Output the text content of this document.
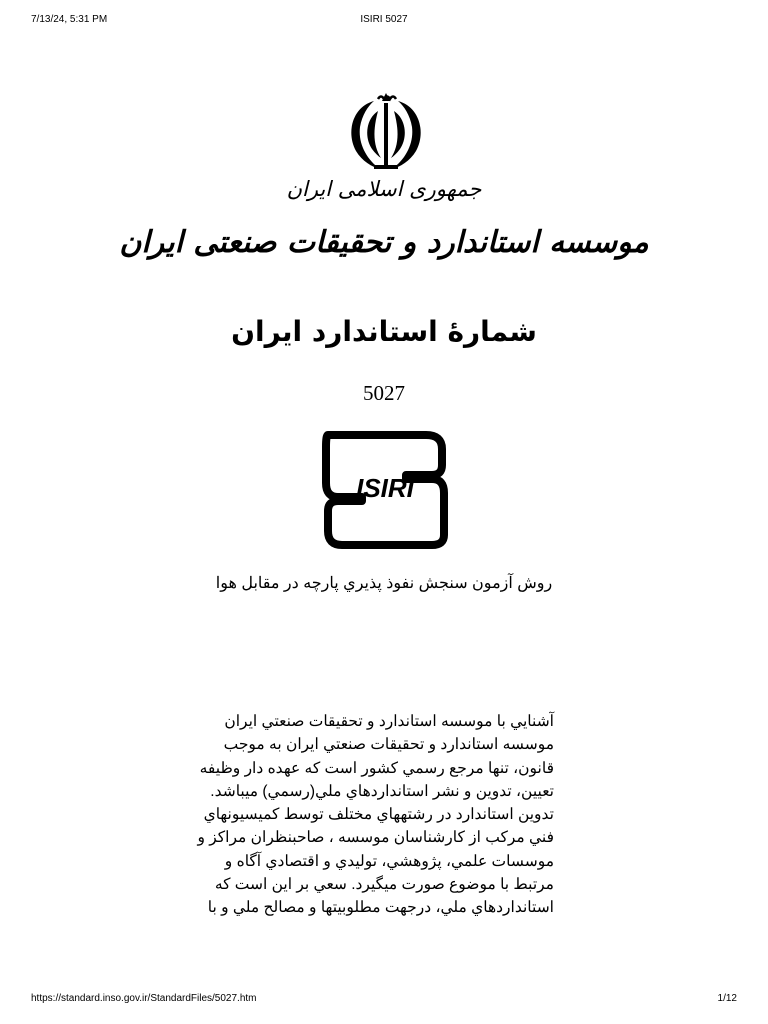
ISIRI 5027
7/13/24, 5:31 PM
جمهوری اسلامی ایران
موسسه استاندارد و تحقیقات صنعتی ایران
شمارهٔ استاندارد ایران
5027
ISIRI
روش آزمون سنجش نفوذ پذيري پارچه در مقابل هوا
آشنايي با موسسه استاندارد و تحقيقات صنعتي ايران
موسسه استاندارد و تحقيقات صنعتي ايران به موجب
قانون، تنها مرجع رسمي كشور است كه عهده دار وظيفه
تعيين، تدوين و نشر استانداردهاي ملي(رسمي) ميباشد.
تدوين استاندارد در رشتههاي مختلف توسط كميسيونهاي
فني مركب از كارشناسان موسسه ، صاحبنظران مراكز و
موسسات علمي، پژوهشي، توليدي و اقتصادي آگاه و
مرتبط با موضوع صورت ميگيرد. سعي بر اين است كه
استانداردهاي ملي، درجهت مطلوبيتها و مصالح ملي و با
https://standard.inso.gov.ir/StandardFiles/5027.htm	1/12
